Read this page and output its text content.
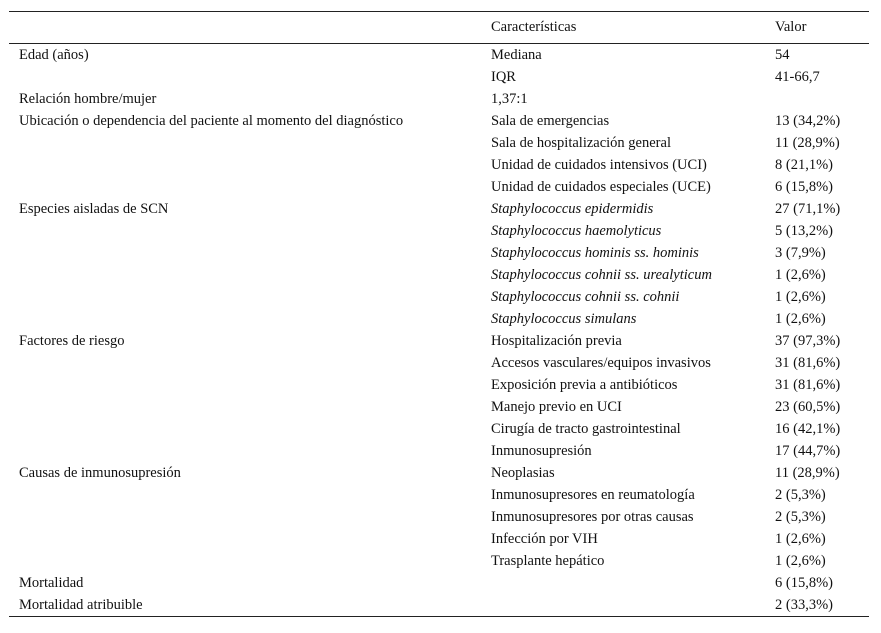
	Características	Valor
Edad (años)	Mediana	54
	IQR	41-66,7
Relación hombre/mujer	1,37:1	
Ubicación o dependencia del paciente al momento del diagnóstico	Sala de emergencias	13 (34,2%)
	Sala de hospitalización general	11 (28,9%)
	Unidad de cuidados intensivos (UCI)	8 (21,1%)
	Unidad de cuidados especiales (UCE)	6 (15,8%)
Especies aisladas de SCN	Staphylococcus epidermidis	27 (71,1%)
	Staphylococcus haemolyticus	5 (13,2%)
	Staphylococcus hominis ss. hominis	3 (7,9%)
	Staphylococcus cohnii ss. urealyticum	1 (2,6%)
	Staphylococcus cohnii ss. cohnii	1 (2,6%)
	Staphylococcus simulans	1 (2,6%)
Factores de riesgo	Hospitalización previa	37 (97,3%)
	Accesos vasculares/equipos invasivos	31 (81,6%)
	Exposición previa a antibióticos	31 (81,6%)
	Manejo previo en UCI	23 (60,5%)
	Cirugía de tracto gastrointestinal	16 (42,1%)
	Inmunosupresión	17 (44,7%)
Causas de inmunosupresión	Neoplasias	11 (28,9%)
	Inmunosupresores en reumatología	2 (5,3%)
	Inmunosupresores por otras causas	2 (5,3%)
	Infección por VIH	1 (2,6%)
	Trasplante hepático	1 (2,6%)
Mortalidad		6 (15,8%)
Mortalidad atribuible		2 (33,3%)
